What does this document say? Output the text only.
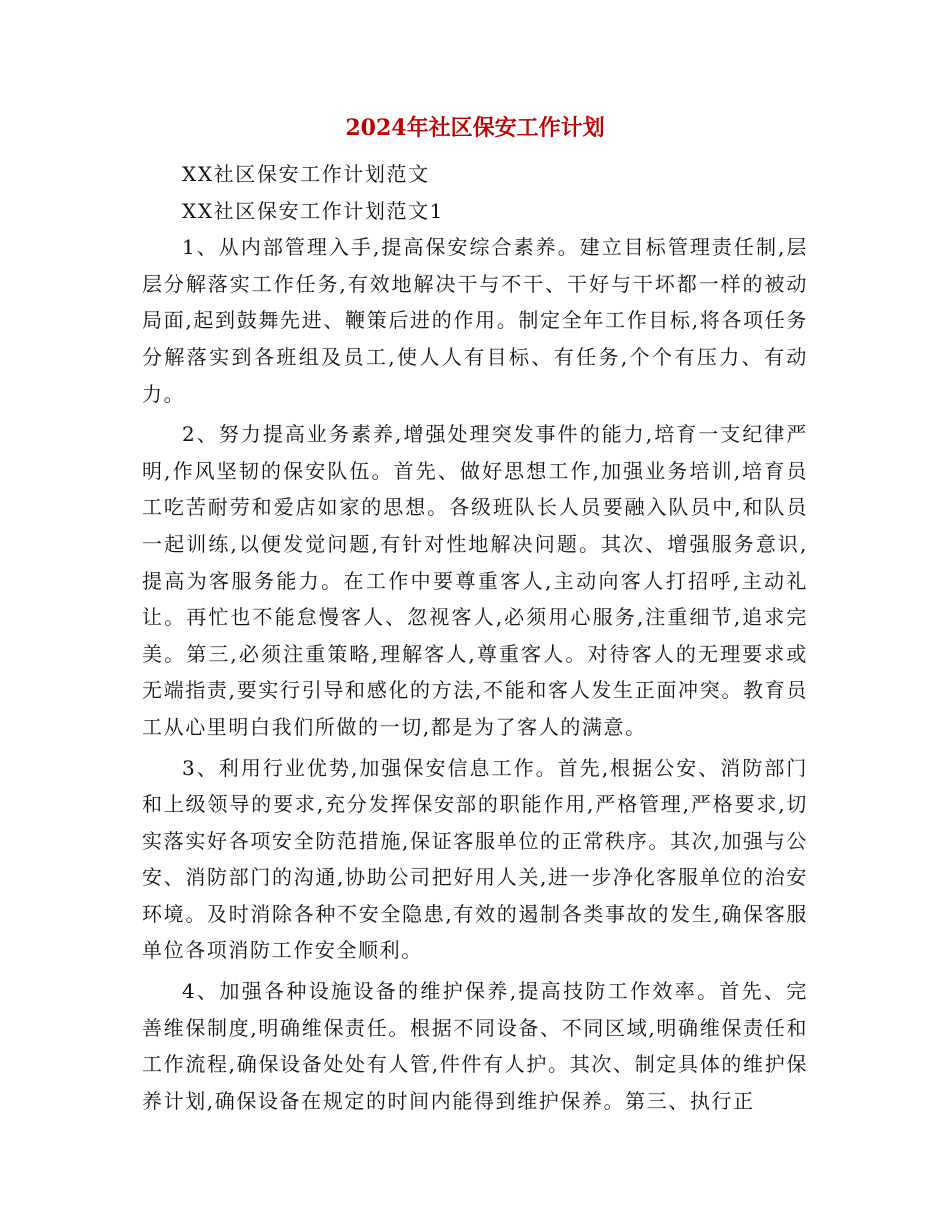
2024年社区保安工作计划

XX社区保安工作计划范文

XX社区保安工作计划范文1

1、从内部管理入手,提高保安综合素养。建立目标管理责任制,层层分解落实工作任务,有效地解决干与不干、干好与干坏都一样的被动局面,起到鼓舞先进、鞭策后进的作用。制定全年工作目标,将各项任务分解落实到各班组及员工,使人人有目标、有任务,个个有压力、有动力。

2、努力提高业务素养,增强处理突发事件的能力,培育一支纪律严明,作风坚韧的保安队伍。首先、做好思想工作,加强业务培训,培育员工吃苦耐劳和爱店如家的思想。各级班队长人员要融入队员中,和队员一起训练,以便发觉问题,有针对性地解决问题。其次、增强服务意识,提高为客服务能力。在工作中要尊重客人,主动向客人打招呼,主动礼让。再忙也不能怠慢客人、忽视客人,必须用心服务,注重细节,追求完美。第三,必须注重策略,理解客人,尊重客人。对待客人的无理要求或无端指责,要实行引导和感化的方法,不能和客人发生正面冲突。教育员工从心里明白我们所做的一切,都是为了客人的满意。

3、利用行业优势,加强保安信息工作。首先,根据公安、消防部门和上级领导的要求,充分发挥保安部的职能作用,严格管理,严格要求,切实落实好各项安全防范措施,保证客服单位的正常秩序。其次,加强与公安、消防部门的沟通,协助公司把好用人关,进一步净化客服单位的治安环境。及时消除各种不安全隐患,有效的遏制各类事故的发生,确保客服单位各项消防工作安全顺利。

4、加强各种设施设备的维护保养,提高技防工作效率。首先、完善维保制度,明确维保责任。根据不同设备、不同区域,明确维保责任和工作流程,确保设备处处有人管,件件有人护。其次、制定具体的维护保养计划,确保设备在规定的时间内能得到维护保养。第三、执行正
